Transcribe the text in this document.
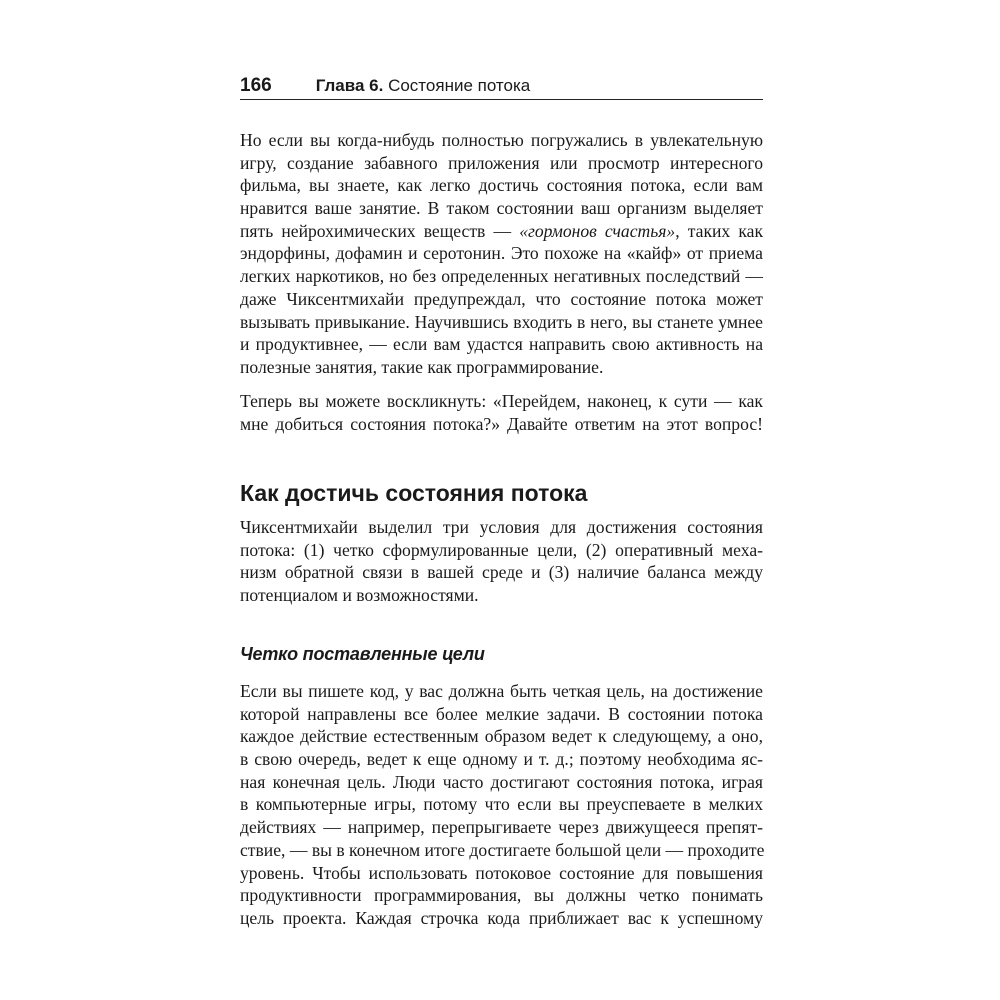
166	Глава 6. Состояние потока
Но если вы когда-нибудь полностью погружались в увлекательную
игру, создание забавного приложения или просмотр интересного
фильма, вы знаете, как легко достичь состояния потока, если вам
нравится ваше занятие. В таком состоянии ваш организм выделяет
пять нейрохимических веществ — «гормонов счастья», таких как
эндорфины, дофамин и серотонин. Это похоже на «кайф» от приема
легких наркотиков, но без определенных негативных последствий —
даже Чиксентмихайи предупреждал, что состояние потока может
вызывать привыкание. Научившись входить в него, вы станете умнее
и продуктивнее, — если вам удастся направить свою активность на
полезные занятия, такие как программирование.
Теперь вы можете воскликнуть: «Перейдем, наконец, к сути — как
мне добиться состояния потока?» Давайте ответим на этот вопрос!
Как достичь состояния потока
Чиксентмихайи выделил три условия для достижения состояния
потока: (1) четко сформулированные цели, (2) оперативный меха-
низм обратной связи в вашей среде и (3) наличие баланса между
потенциалом и возможностями.
Четко поставленные цели
Если вы пишете код, у вас должна быть четкая цель, на достижение
которой направлены все более мелкие задачи. В состоянии потока
каждое действие естественным образом ведет к следующему, а оно,
в свою очередь, ведет к еще одному и т. д.; поэтому необходима яс-
ная конечная цель. Люди часто достигают состояния потока, играя
в компьютерные игры, потому что если вы преуспеваете в мелких
действиях — например, перепрыгиваете через движущееся препят-
ствие, — вы в конечном итоге достигаете большой цели — проходите
уровень. Чтобы использовать потоковое состояние для повышения
продуктивности программирования, вы должны четко понимать
цель проекта. Каждая строчка кода приближает вас к успешному
